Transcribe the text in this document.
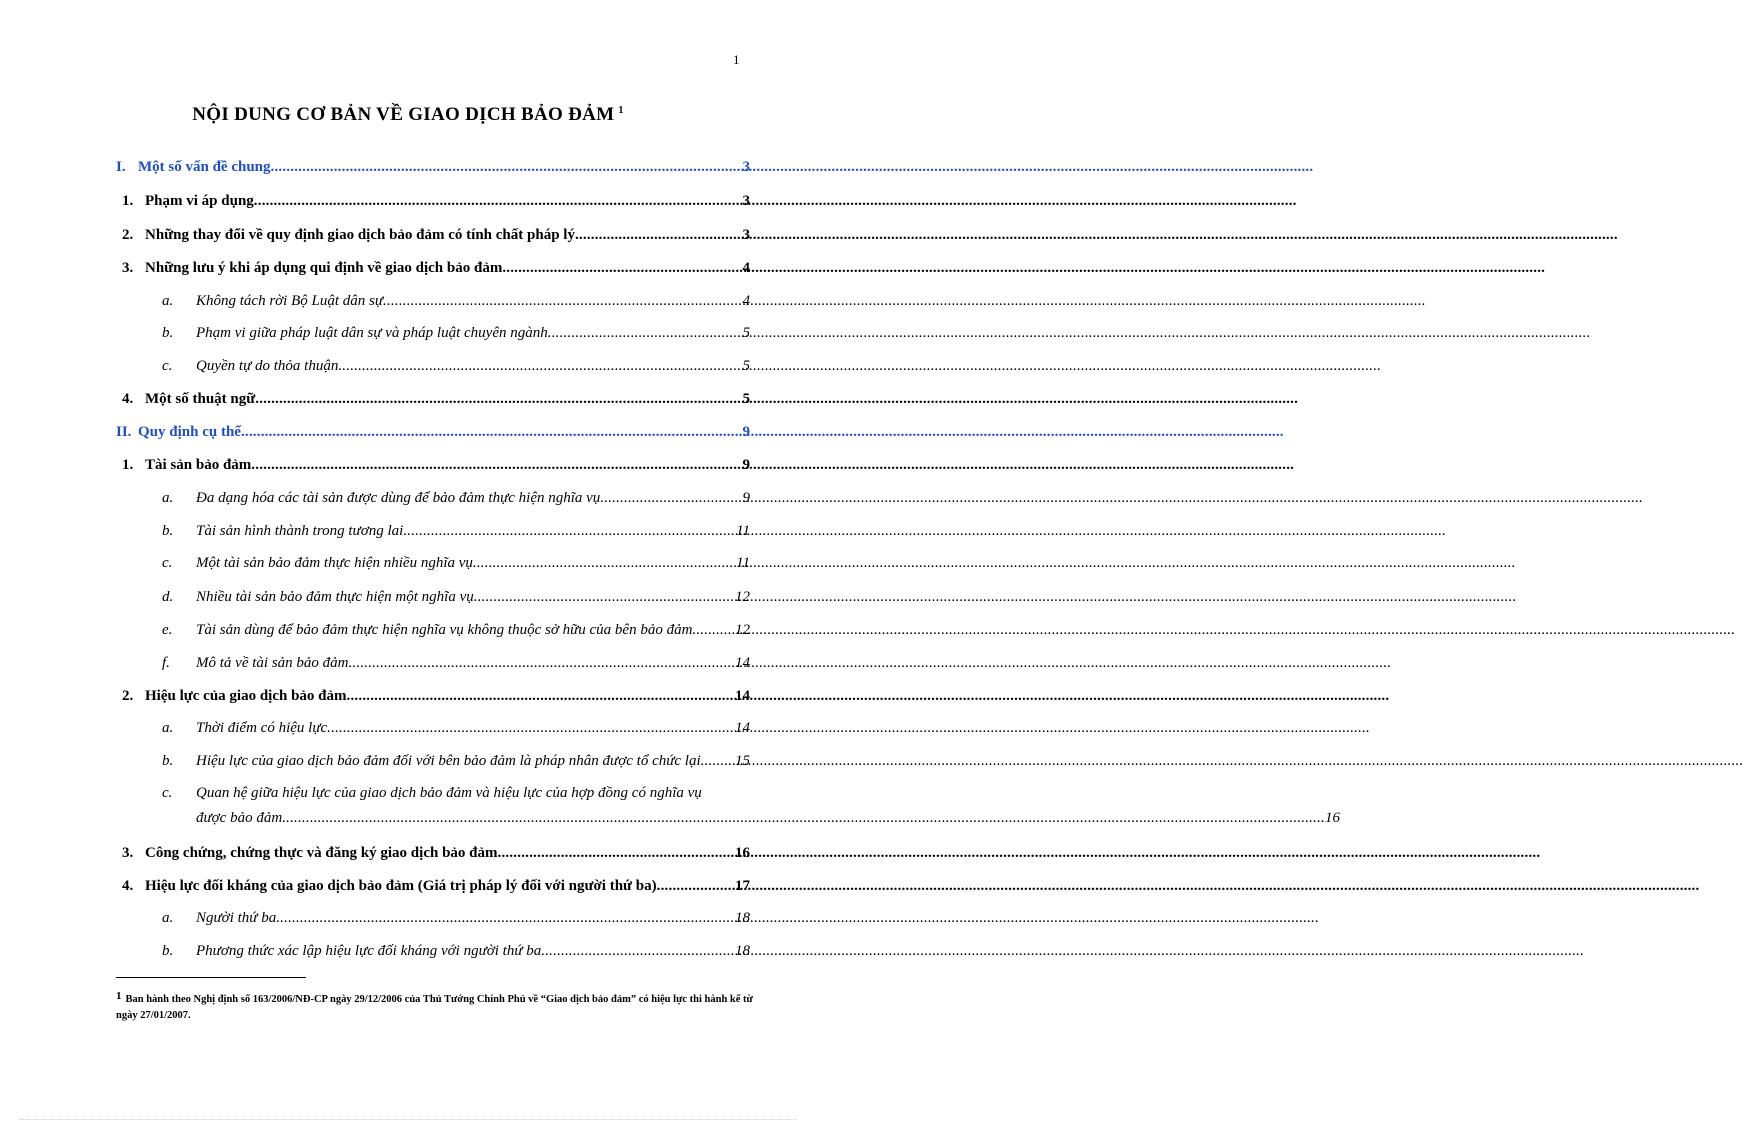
1
NỘI DUNG CƠ BẢN VỀ GIAO DỊCH BẢO ĐẢM $^1$
I. Một số vấn đề chung .....	3
1. Phạm vi áp dụng .....	3
2. Những thay đổi về quy định giao dịch bảo đảm có tính chất pháp lý .....	3
3. Những lưu ý khi áp dụng qui định về giao dịch bảo đảm .....	4
a.	Không tách rời Bộ Luật dân sự .....	4
b.	Phạm vi giữa pháp luật dân sự và pháp luật chuyên ngành .....	5
c.	Quyền tự do thỏa thuận .....	5
4. Một số thuật ngữ .....	5
II. Quy định cụ thể .....	9
1. Tài sản bảo đảm .....	9
a.	Đa dạng hóa các tài sản được dùng để bảo đảm thực hiện nghĩa vụ .....	9
b.	Tài sản hình thành trong tương lai .....	11
c.	Một tài sản bảo đảm thực hiện nhiều nghĩa vụ .....	11
d.	Nhiều tài sản bảo đảm thực hiện một nghĩa vụ .....	12
e.	Tài sản dùng để bảo đảm thực hiện nghĩa vụ không thuộc sở hữu của bên bảo đảm .....	12
f.	Mô tả về tài sản bảo đảm .....	14
2. Hiệu lực của giao dịch bảo đảm .....	14
a.	Thời điểm có hiệu lực .....	14
b.	Hiệu lực của giao dịch bảo đảm đối với bên bảo đảm là pháp nhân được tổ chức lại ..... 15
c.	Quan hệ giữa hiệu lực của giao dịch bảo đảm và hiệu lực của hợp đồng có nghĩa vụ
được bảo đảm .....	16
3. Công chứng, chứng thực và đăng ký giao dịch bảo đảm .....	16
4. Hiệu lực đối kháng của giao dịch bảo đảm (Giá trị pháp lý đối với người thứ ba) .....	17
a.	Người thứ ba .....	18
b.	Phương thức xác lập hiệu lực đối kháng với người thứ ba .....	18
$^1$ Ban hành theo Nghị định số 163/2006/NĐ-CP ngày 29/12/2006 của Thủ Tướng Chính Phủ về “Giao dịch bảo đảm” có hiệu lực thi hành kể từ ngày 27/01/2007.
